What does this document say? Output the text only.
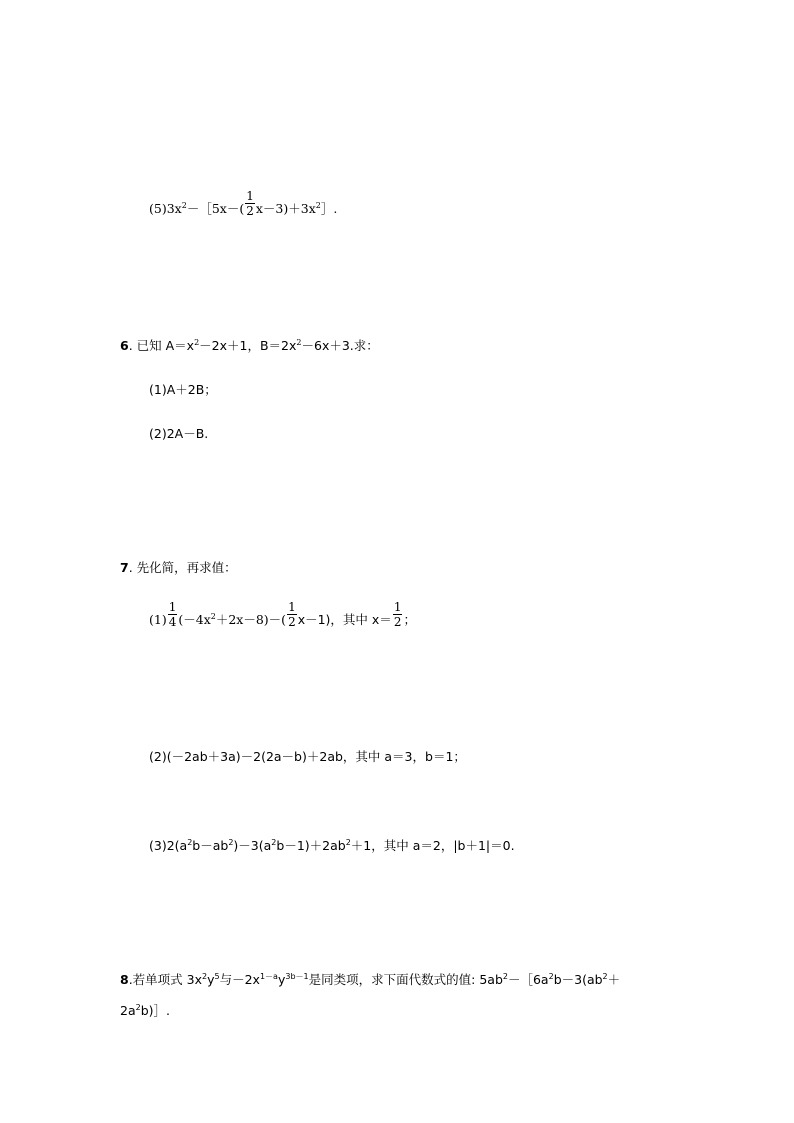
$(5)3x^2-[5x-( \frac{1}{2}$ $x-3)+3x^2]$.
6. 已知 $A=x^2-2x+1$，$B=2x^2-6x+3$.求：
(1)A＋2B；
(2)2A－B.
7. 先化简，再求值：
$(1) \frac{1}{4} (-4x^2+2x-8)-( \frac{1}{2} x-1)$，其中 $x= \frac{1}{2}$ ；
(2)(－2ab＋3a)－2(2a－b)＋2ab，其中 a＝3，b＝1；
$(3)2(a^2b-ab^2)-3(a^2b-1)+2ab^2+1$，其中 a＝2，|b＋1|＝0.
8.若单项式 $3x^2y^5$与$-2x^{1-a}y^{3b-1}$是同类项，求下面代数式的值: $5ab^2-[6a^2b-3(ab^2+$
$2a^2b)]$.
